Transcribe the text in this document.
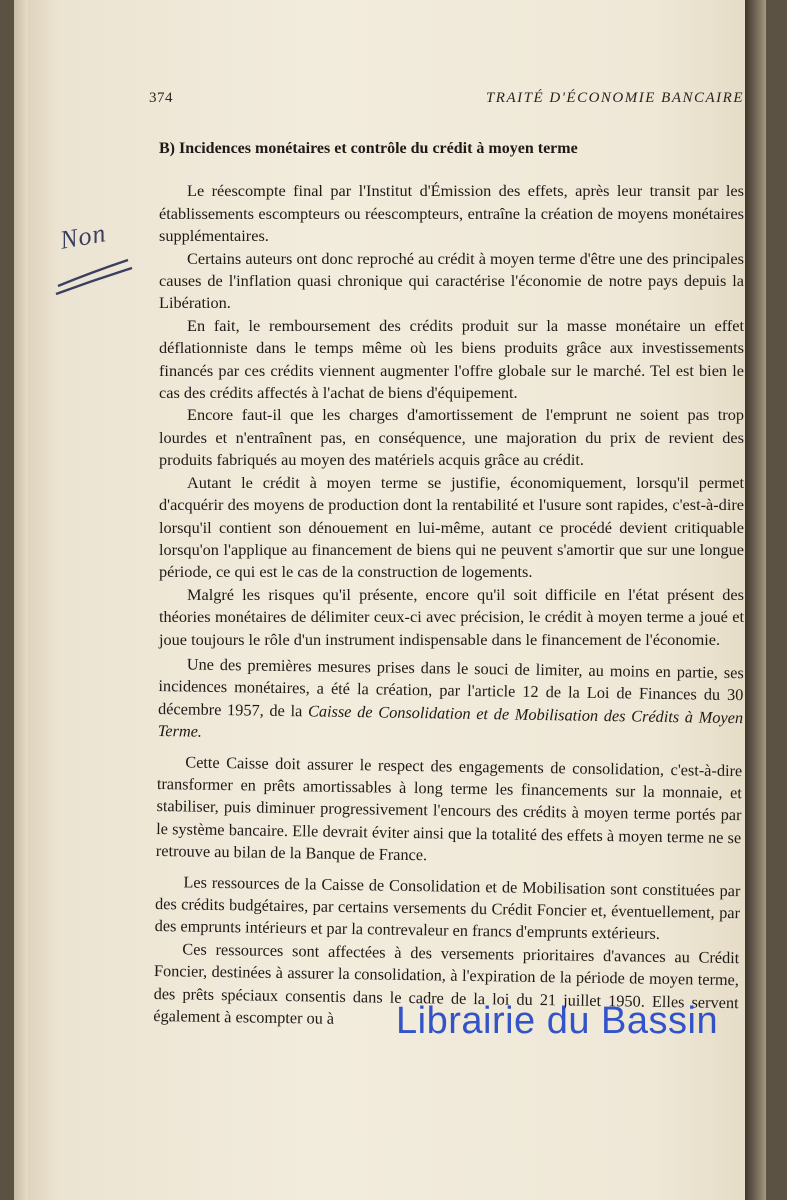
374	TRAITÉ D'ÉCONOMIE BANCAIRE
Non
B) Incidences monétaires et contrôle du crédit à moyen terme

Le réescompte final par l'Institut d'Émission des effets, après leur transit par les établissements escompteurs ou réescompteurs, entraîne la création de moyens monétaires supplémentaires.

Certains auteurs ont donc reproché au crédit à moyen terme d'être une des principales causes de l'inflation quasi chronique qui caractérise l'économie de notre pays depuis la Libération.

En fait, le remboursement des crédits produit sur la masse monétaire un effet déflationniste dans le temps même où les biens produits grâce aux investissements financés par ces crédits viennent augmenter l'offre globale sur le marché. Tel est bien le cas des crédits affectés à l'achat de biens d'équipement.

Encore faut-il que les charges d'amortissement de l'emprunt ne soient pas trop lourdes et n'entraînent pas, en conséquence, une majoration du prix de revient des produits fabriqués au moyen des matériels acquis grâce au crédit.

Autant le crédit à moyen terme se justifie, économiquement, lorsqu'il permet d'acquérir des moyens de production dont la rentabilité et l'usure sont rapides, c'est-à-dire lorsqu'il contient son dénouement en lui-même, autant ce procédé devient critiquable lorsqu'on l'applique au financement de biens qui ne peuvent s'amortir que sur une longue période, ce qui est le cas de la construction de logements.

Malgré les risques qu'il présente, encore qu'il soit difficile en l'état présent des théories monétaires de délimiter ceux-ci avec précision, le crédit à moyen terme a joué et joue toujours le rôle d'un instrument indispensable dans le financement de l'économie.

Une des premières mesures prises dans le souci de limiter, au moins en partie, ses incidences monétaires, a été la création, par l'article 12 de la Loi de Finances du 30 décembre 1957, de la Caisse de Consolidation et de Mobilisation des Crédits à Moyen Terme.

Cette Caisse doit assurer le respect des engagements de consolidation, c'est-à-dire transformer en prêts amortissables à long terme les financements sur la monnaie, et stabiliser, puis diminuer progressivement l'encours des crédits à moyen terme portés par le système bancaire. Elle devrait éviter ainsi que la totalité des effets à moyen terme ne se retrouve au bilan de la Banque de France.

Les ressources de la Caisse de Consolidation et de Mobilisation sont constituées par des crédits budgétaires, par certains versements du Crédit Foncier et, éventuellement, par des emprunts intérieurs et par la contrevaleur en francs d'emprunts extérieurs.

Ces ressources sont affectées à des versements prioritaires d'avances au Crédit Foncier, destinées à assurer la consolidation, à l'expiration de la période de moyen terme, des prêts spéciaux consentis dans le cadre de la loi du 21 juillet 1950. Elles servent également à escompter ou à	Librairie du Bassin
